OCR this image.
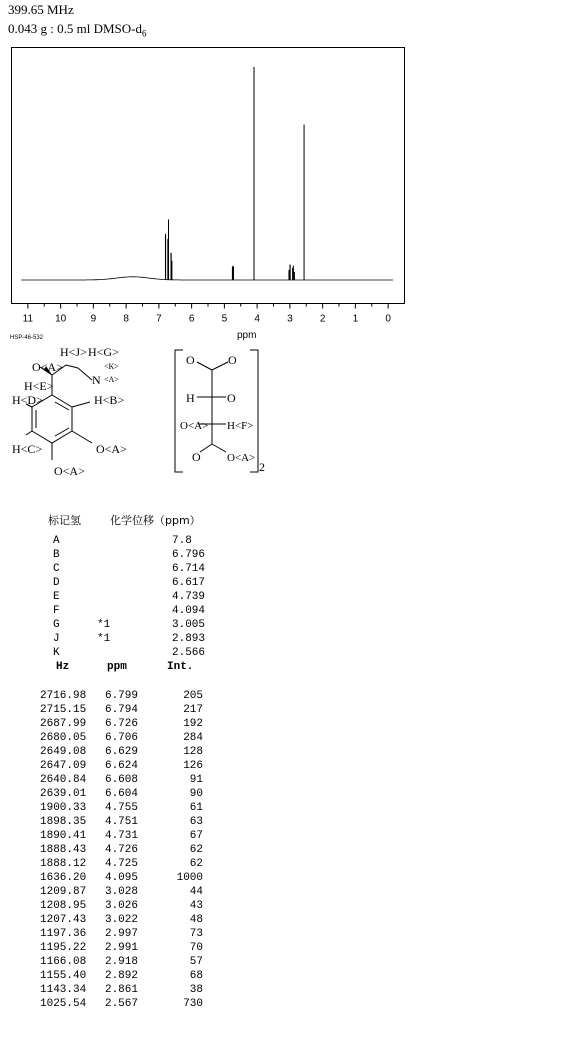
399.65 MHz
0.043 g : 0.5 ml DMSO-$d_6$
11 10 9	8	7	6	5	4	3	2	1	0
ppm
HSP-46-532
H<J> H<G>
O<A>
N
<K>
<A>
H<E>
H<D>	H<B>
H<C>	O<A>
O<A>
O	O
H	O
O<A> H<F>
O O<A>
2
标记氢	化学位移（ppm）
A	7.8
B	6.796
C	6.714
D	6.617
E	4.739
F	4.094
G	*1	3.005
J	*1	2.893
K	2.566
Hz	ppm	Int.
2716.98	6.799	205
2715.15	6.794	217
2687.99	6.726	192
2680.05	6.706	284
2649.08	6.629	128
2647.09	6.624	126
2640.84	6.608	91
2639.01	6.604	90
1900.33	4.755	61
1898.35	4.751	63
1890.41	4.731	67
1888.43	4.726	62
1888.12	4.725	62
1636.20	4.095	1000
1209.87	3.028	44
1208.95	3.026	43
1207.43	3.022	48
1197.36	2.997	73
1195.22	2.991	70
1166.08	2.918	57
1155.40	2.892	68
1143.34	2.861	38
1025.54	2.567	730
